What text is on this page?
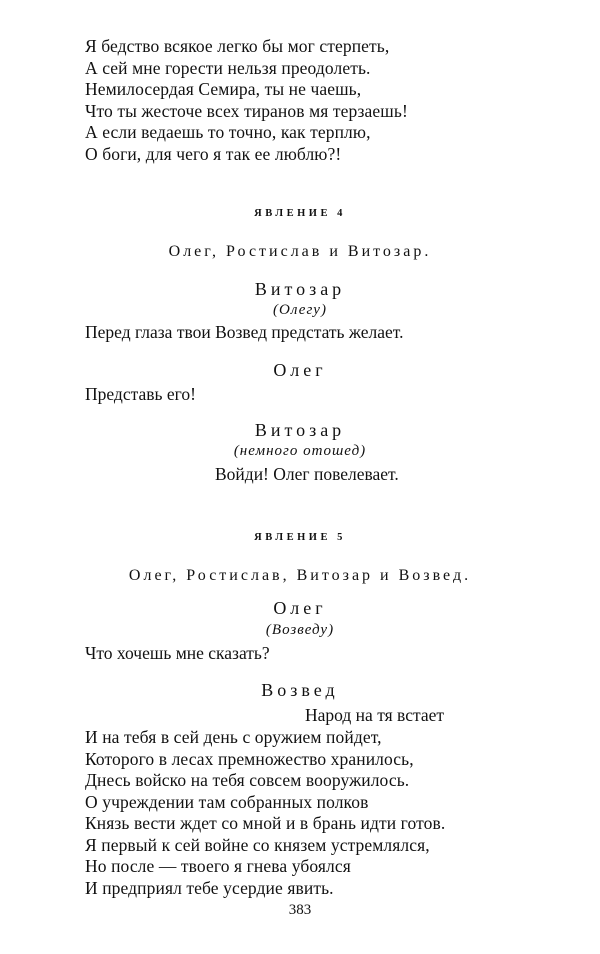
Я бедство всякое легко бы мог стерпеть,
А сей мне горести нельзя преодолеть.
Немилосердая Семира, ты не чаешь,
Что ты жесточе всех тиранов мя терзаешь!
А если ведаешь то точно, как терплю,
О боги, для чего я так ее люблю?!
ЯВЛЕНИЕ 4
Олег, Ростислав и Витозар.
Витозар
(Олегу)
Перед глаза твои Возвед предстать желает.
Олег
Представь его!
Витозар
(немного отошед)
Войди! Олег повелевает.
ЯВЛЕНИЕ 5
Олег, Ростислав, Витозар и Возвед.
Олег
(Возведу)
Что хочешь мне сказать?
Возвед
Народ на тя встает
И на тебя в сей день с оружием пойдет,
Которого в лесах премножество хранилось,
Днесь войско на тебя совсем вооружилось.
О учреждении там собранных полков
Князь вести ждет со мной и в брань идти готов.
Я первый к сей войне со князем устремлялся,
Но после — твоего я гнева убоялся
И предприял тебе усердие явить.
383
